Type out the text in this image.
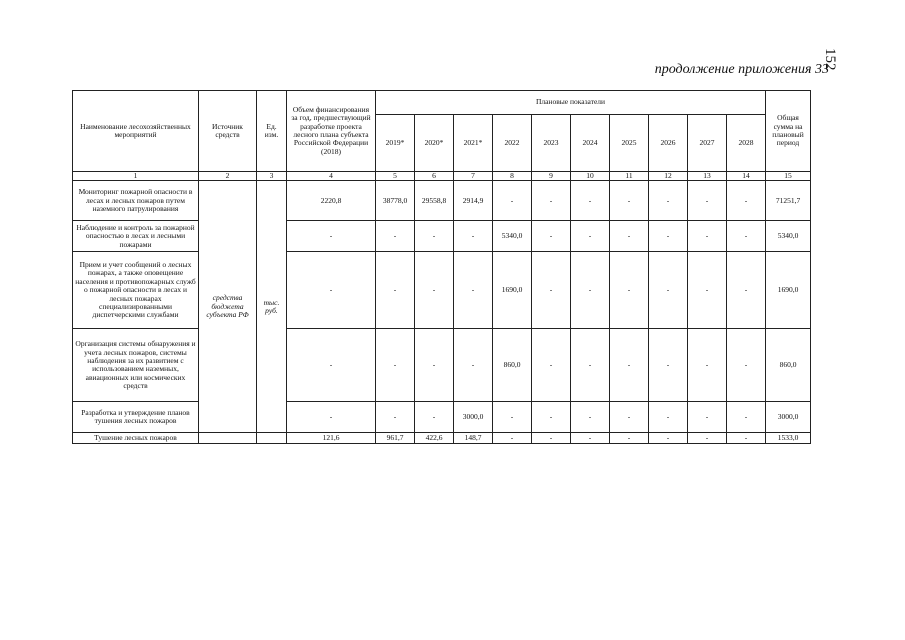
152
продолжение приложения 33
Наименование лесохозяйственных мероприятий	Источник средств	Ед. изм.	Объем финансирования за год, предшествующий разработке проекта лесного плана субъекта Российской Федерации (2018)	Плановые показатели										Общая сумма на плановый период
				2019*	2020*	2021*	2022	2023	2024	2025	2026	2027	2028	
1	2	3	4	5	6	7	8	9	10	11	12	13	14	15
Мониторинг пожарной опасности в лесах и лесных пожаров путем наземного патрулирования	средства бюджета субъекта РФ	тыс. руб.	2220,8	38778,0	29558,8	2914,9	-	-	-	-	-	-	-	71251,7
Наблюдение и контроль за пожарной опасностью в лесах и лесными пожарами			-	-	-	-	5340,0	-	-	-	-	-	-	5340,0
Прием и учет сообщений о лесных пожарах, а также оповещение населения и противопожарных служб о пожарной опасности в лесах и лесных пожарах специализированными диспетчерскими службами			-	-	-	-	1690,0	-	-	-	-	-	-	1690,0
Организация системы обнаружения и учета лесных пожаров, системы наблюдения за их развитием с использованием наземных, авиационных или космических средств			-	-	-	-	860,0	-	-	-	-	-	-	860,0
Разработка и утверждение планов тушения лесных пожаров			-	-	-	3000,0	-	-	-	-	-	-	-	3000,0
Тушение лесных пожаров			121,6	961,7	422,6	148,7	-	-	-	-	-	-	-	1533,0
